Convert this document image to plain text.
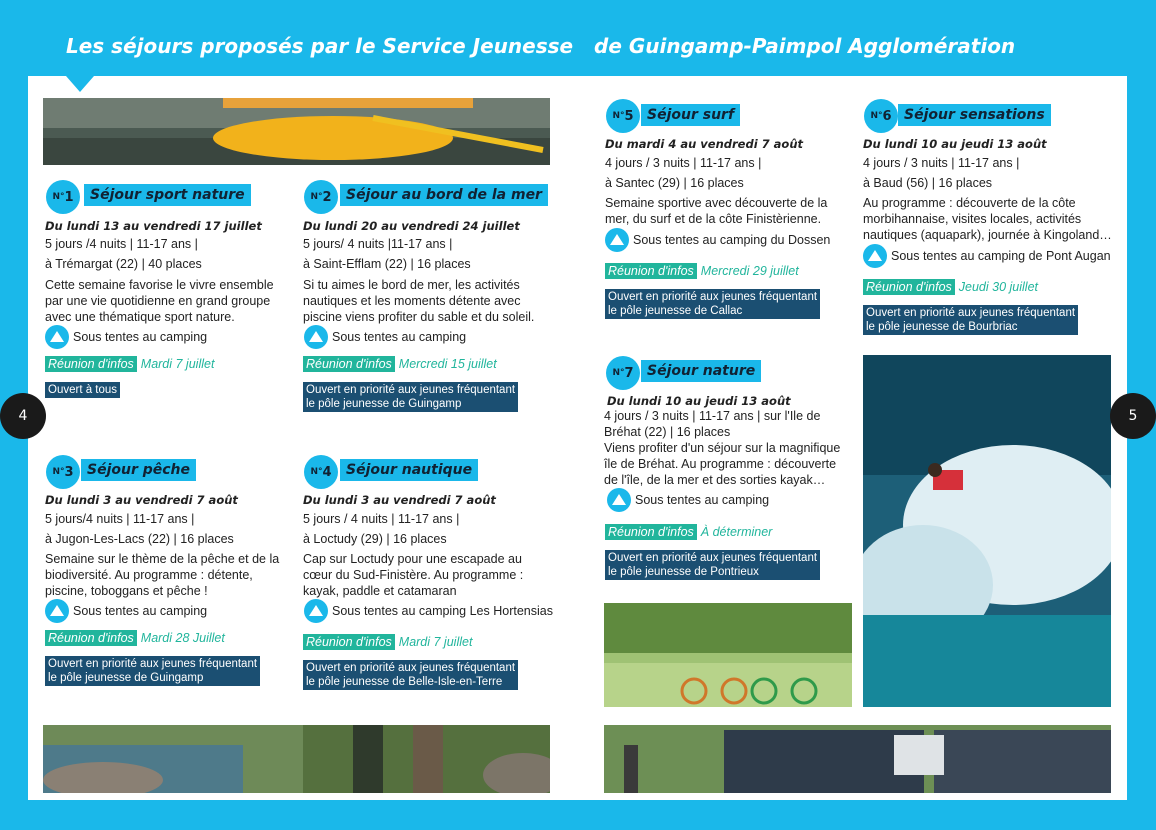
Les séjours proposés par le Service Jeunesse de Guingamp-Paimpol Agglomération
4	5
N° 1	Séjour sport nature
Du lundi 13 au vendredi 17 juillet
5 jours /4 nuits | 11-17 ans |
à Trémargat (22) | 40 places
Cette semaine favorise le vivre ensemble par une vie quotidienne en grand groupe avec une thématique sport nature.
Sous tentes au camping
Réunion d'infos Mardi 7 juillet
Ouvert à tous
N° 2	Séjour au bord de la mer
Du lundi 20 au vendredi 24 juillet
5 jours/ 4 nuits |11-17 ans |
à Saint-Efflam (22) | 16 places
Si tu aimes le bord de mer, les activités nautiques et les moments détente avec piscine viens profiter du sable et du soleil.
Sous tentes au camping
Réunion d'infos Mercredi 15 juillet
Ouvert en priorité aux jeunes fréquentant
le pôle jeunesse de Guingamp
N° 3 Séjour pêche
Du lundi 3 au vendredi 7 août
5 jours/4 nuits | 11-17 ans |
à Jugon-Les-Lacs (22) | 16 places
Semaine sur le thème de la pêche et de la biodiversité. Au programme : détente, piscine, toboggans et pêche !
Sous tentes au camping
Réunion d'infos Mardi 28 Juillet
Ouvert en priorité aux jeunes fréquentant
le pôle jeunesse de Guingamp
N° 4	Séjour nautique
Du lundi 3 au vendredi 7 août
5 jours / 4 nuits | 11-17 ans |
à Loctudy (29) | 16 places
Cap sur Loctudy pour une escapade au cœur du Sud-Finistère. Au programme : kayak, paddle et catamaran
Sous tentes au camping Les Hortensias
Réunion d'infos Mardi 7 juillet
Ouvert en priorité aux jeunes fréquentant
le pôle jeunesse de Belle-Isle-en-Terre
N° 5 Séjour surf
Du mardi 4 au vendredi 7 août
4 jours / 3 nuits | 11-17 ans |
à Santec (29) | 16 places
Semaine sportive avec découverte de la mer, du surf et de la côte Finistèrienne.
Sous tentes au camping du Dossen
Réunion d'infos Mercredi 29 juillet
Ouvert en priorité aux jeunes fréquentant
le pôle jeunesse de Callac
N° 6 Séjour sensations
Du lundi 10 au jeudi 13 août
4 jours / 3 nuits | 11-17 ans |
à Baud (56) | 16 places
Au programme : découverte de la côte morbihannaise, visites locales, activités nautiques (aquapark), journée à Kingoland…
Sous tentes au camping de Pont Augan
Réunion d'infos Jeudi 30 juillet
Ouvert en priorité aux jeunes fréquentant
le pôle jeunesse de Bourbriac
N° 7 Séjour nature
Du lundi 10 au jeudi 13 août
4 jours / 3 nuits | 11-17 ans | sur l'Ile de Bréhat (22) | 16 places
Viens profiter d'un séjour sur la magnifique île de Bréhat. Au programme : découverte de l'île, de la mer et des sorties kayak…
Sous tentes au camping
Réunion d'infos À déterminer
Ouvert en priorité aux jeunes fréquentant
le pôle jeunesse de Pontrieux
